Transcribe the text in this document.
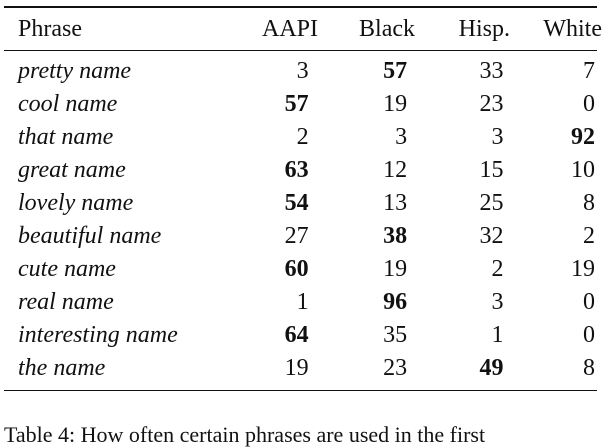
Phrase	AAPI	Black	Hisp.	White
pretty name	3	57	33	7
cool name	57	19	23	0
that name	2	3	3	92
great name	63	12	15	10
lovely name	54	13	25	8
beautiful name	27	38	32	2
cute name	60	19	2	19
real name	1	96	3	0
interesting name	64	35	1	0
the name	19	23	49	8
Table 4: How often certain phrases are used in the first
